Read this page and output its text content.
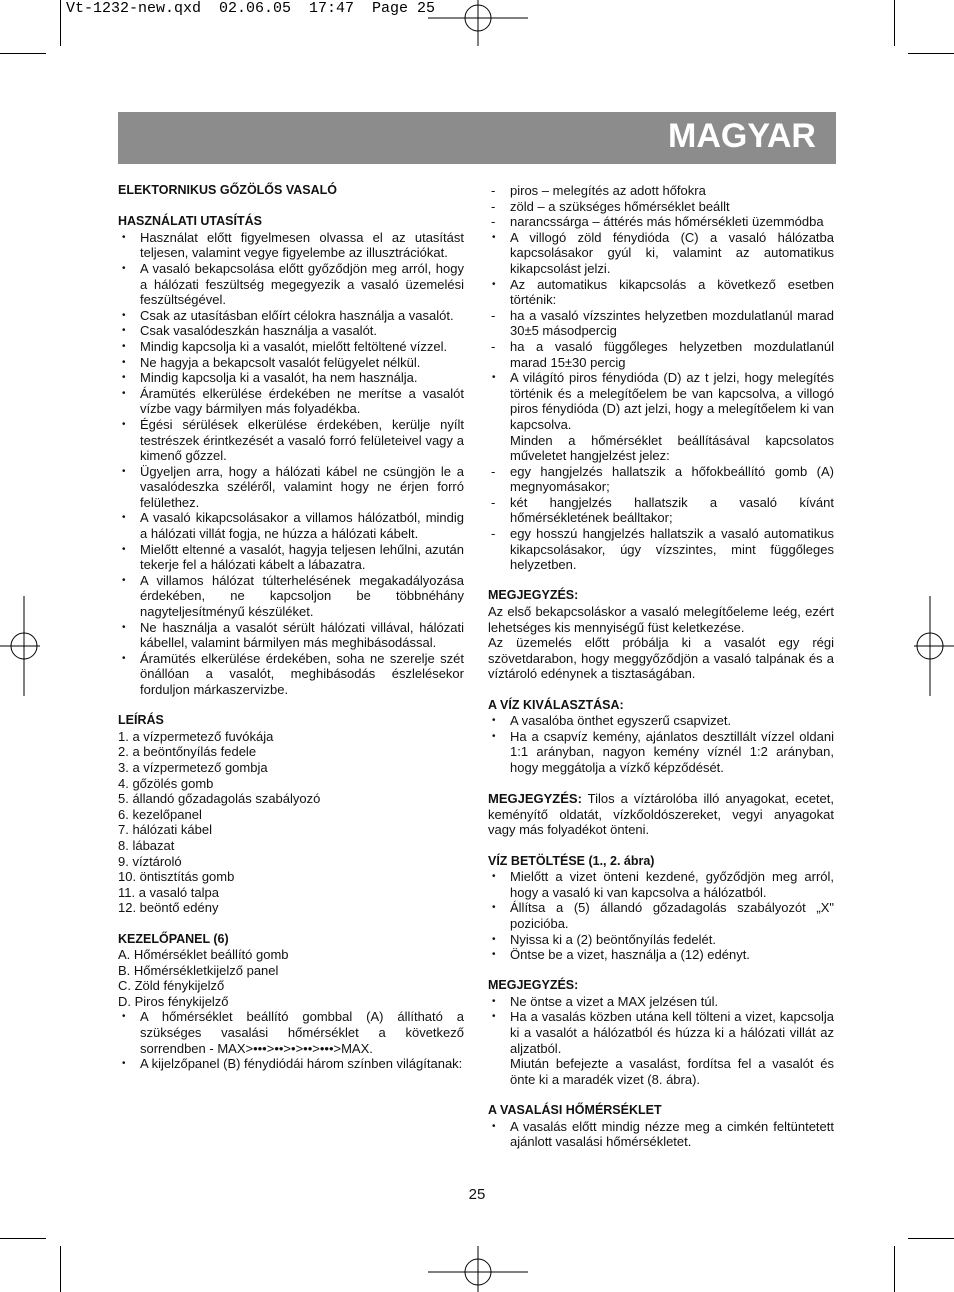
Vt-1232-new.qxd  02.06.05  17:47  Page 25
MAGYAR

ELEKTORNIKUS GŐZÖLŐS VASALÓ

HASZNÁLATI UTASÍTÁS

•	Használat előtt figyelmesen olvassa el az utasítást teljesen, valamint vegye figyelembe az illusztrációkat.

•	A vasaló bekapcsolása előtt győződjön meg arról, hogy a hálózati feszültség megegyezik a vasaló üzemelési feszültségével.

•	Csak az utasításban előírt célokra használja a vasalót.

•	Csak vasalódeszkán használja a vasalót.

•	Mindig kapcsolja ki a vasalót, mielőtt feltöltené vízzel.

•	Ne hagyja a bekapcsolt vasalót felügyelet nélkül.

•	Mindig kapcsolja ki a vasalót, ha nem használja.

•	Áramütés elkerülése érdekében ne merítse a vasalót vízbe vagy bármilyen más folyadékba.

•	Égési sérülések elkerülése érdekében, kerülje nyílt testrészek érintkezését a vasaló forró felületeivel vagy a kimenő gőzzel.

•	Ügyeljen arra, hogy a hálózati kábel ne csüngjön le a vasalódeszka széléről, valamint hogy ne érjen forró felülethez.

•	A vasaló kikapcsolásakor a villamos hálózatból, mindig a hálózati villát fogja, ne húzza a hálózati kábelt.

•	Mielőtt eltenné a vasalót, hagyja teljesen lehűlni, azután tekerje fel a hálózati kábelt a lábazatra.

•	A villamos hálózat túlterhelésének megakadályozása érdekében, ne kapcsoljon be többnéhány nagyteljesítményű készüléket.

•	Ne használja a vasalót sérült hálózati villával, hálózati kábellel, valamint bármilyen más meghibásodással.

•	Áramütés elkerülése érdekében, soha ne szerelje szét önállóan a vasalót, meghibásodás észlelésekor forduljon márkaszervizbe.

LEÍRÁS

1. a vízpermetező fuvókája

2. a beöntőnyílás fedele

3. a vízpermetező gombja

4. gőzölés gomb

5. állandó gőzadagolás szabályozó

6. kezelőpanel

7. hálózati kábel

8. lábazat

9. víztároló

10. öntisztítás gomb

11. a vasaló talpa

12. beöntő edény

KEZELŐPANEL (6)

A. Hőmérséklet beállító gomb

B. Hőmérsékletkijelző panel

C. Zöld fénykijelző

D. Piros fénykijelző

•	A hőmérséklet beállító gombbal (A) állítható a szükséges vasalási hőmérséklet a következő sorrendben - MAX>•••>••>•>••>•••>MAX.

•	A kijelzőpanel (B) fénydiódái három színben világítanak:

-	piros – melegítés az adott hőfokra

-	zöld – a szükséges hőmérséklet beállt

-	narancssárga – áttérés más hőmérsékleti üzemmódba

•	A villogó zöld fénydióda (C) a vasaló hálózatba kapcsolásakor gyúl ki, valamint az automatikus kikapcsolást jelzi.

•	Az automatikus kikapcsolás a következő esetben történik:

-	ha a vasaló vízszintes helyzetben mozdulatlanúl marad 30±5 másodpercig

-	ha a vasaló függőleges helyzetben mozdulatlanúl marad 15±30 percig

•	A világító piros fénydióda (D) az t jelzi, hogy melegítés történik és a melegítőelem be van kapcsolva, a villogó piros fénydióda (D) azt jelzi, hogy a melegítőelem ki van kapcsolva.

Minden a hőmérséklet beállításával kapcsolatos műveletet hangjelzést jelez:

-	egy hangjelzés hallatszik a hőfokbeállító gomb (A) megnyomásakor;

-	két hangjelzés hallatszik a vasaló kívánt hőmérsékletének beálltakor;

-	egy hosszú hangjelzés hallatszik a vasaló automatikus kikapcsolásakor, úgy vízszintes, mint függőleges helyzetben.

MEGJEGYZÉS:

Az első bekapcsoláskor a vasaló melegítőeleme leég, ezért lehetséges kis mennyiségű füst keletkezése.

Az üzemelés előtt próbálja ki a vasalót egy régi szövetdarabon, hogy meggyőződjön a vasaló talpának és a víztároló edénynek a tisztaságában.

A VÍZ KIVÁLASZTÁSA:

•	A vasalóba önthet egyszerű csapvizet.

•	Ha a csapvíz kemény, ajánlatos desztillált vízzel oldani 1:1 arányban, nagyon kemény víznél 1:2 arányban, hogy meggátolja a vízkő képződését.

MEGJEGYZÉS: Tilos a víztárolóba illó anyagokat, ecetet, keményítő oldatát, vízkőoldószereket, vegyi anyagokat vagy más folyadékot önteni.

VÍZ BETÖLTÉSE (1., 2. ábra)

•	Mielőtt a vizet önteni kezdené, győződjön meg arról, hogy a vasaló ki van kapcsolva a hálózatból.

•	Állítsa a (5) állandó gőzadagolás szabályozót „X" pozicióba.

•	Nyissa ki a (2) beöntőnyílás fedelét.

•	Öntse be a vizet, használja a (12) edényt.

MEGJEGYZÉS:

•	Ne öntse a vizet a MAX jelzésen túl.

•	Ha a vasalás közben utána kell tölteni a vizet, kapcsolja ki a vasalót a hálózatból és húzza ki a hálózati villát az aljzatból.

Miután befejezte a vasalást, fordítsa fel a vasalót és önte ki a maradék vizet (8. ábra).

A VASALÁSI HŐMÉRSÉKLET

•	A vasalás előtt mindig nézze meg a cimkén feltüntetett ajánlott vasalási hőmérsékletet.

25
